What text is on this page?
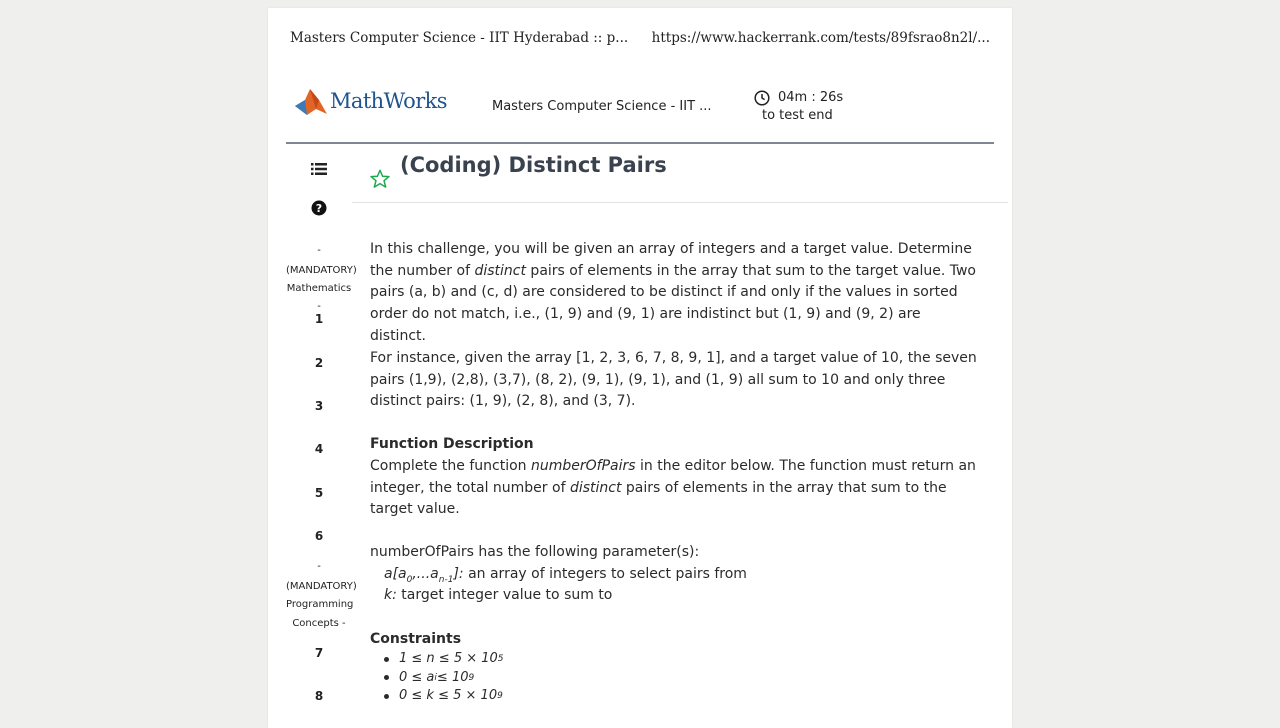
Masters Computer Science - IIT Hyderabad :: p... https://www.hackerrank.com/tests/89fsrao8n2l/...
MathWorks	Masters Computer Science - IIT ...
04m : 26s
to test end
?
-
(MANDATORY)
Mathematics -
1
2
3
4
5
6
-
(MANDATORY)
Programming
Concepts -
7
8
(Coding) Distinct Pairs

In this challenge, you will be given an array of integers and a target value. Determine the number of distinct pairs of elements in the array that sum to the target value. Two pairs (a, b) and (c, d) are considered to be distinct if and only if the values in sorted order do not match, i.e., (1, 9) and (9, 1) are indistinct but (1, 9) and (9, 2) are distinct.

For instance, given the array [1, 2, 3, 6, 7, 8, 9, 1], and a target value of 10, the seven pairs (1,9), (2,8), (3,7), (8, 2), (9, 1), (9, 1), and (1, 9) all sum to 10 and only three distinct pairs: (1, 9), (2, 8), and (3, 7).

Function Description

Complete the function numberOfPairs in the editor below. The function must return an integer, the total number of distinct pairs of elements in the array that sum to the target value.

numberOfPairs has the following parameter(s):

$a[a_0,...a_{n-1}]$: an array of integers to select pairs from

k: target integer value to sum to

Constraints

1 ≤ n ≤ 5 × 10 5
0 ≤ a i ≤ 10 9
0 ≤ k ≤ 5 × 10 9
